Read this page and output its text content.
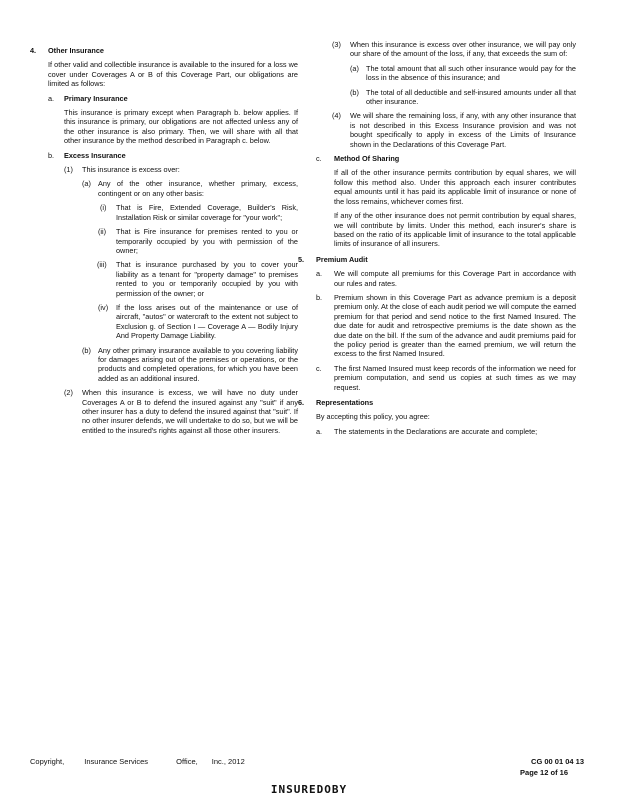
4. Other Insurance
If other valid and collectible insurance is available to the insured for a loss we cover under Coverages A or B of this Coverage Part, our obligations are limited as follows:
a. Primary Insurance
This insurance is primary except when Paragraph b. below applies. If this insurance is primary, our obligations are not affected unless any of the other insurance is also primary. Then, we will share with all that other insurance by the method described in Paragraph c. below.
b. Excess Insurance
(1) This insurance is excess over:
(a) Any of the other insurance, whether primary, excess, contingent or on any other basis:
(i) That is Fire, Extended Coverage, Builder's Risk, Installation Risk or similar coverage for "your work";
(ii) That is Fire insurance for premises rented to you or temporarily occupied by you with permission of the owner;
(iii) That is insurance purchased by you to cover your liability as a tenant for "property damage" to premises rented to you or temporarily occupied by you with permission of the owner; or
(iv) If the loss arises out of the maintenance or use of aircraft, "autos" or watercraft to the extent not subject to Exclusion g. of Section I — Coverage A — Bodily Injury And Property Damage Liability.
(b) Any other primary insurance available to you covering liability for damages arising out of the premises or operations, or the products and completed operations, for which you have been added as an additional insured.
(2) When this insurance is excess, we will have no duty under Coverages A or B to defend the insured against any "suit" if any other insurer has a duty to defend the insured against that "suit". If no other insurer defends, we will undertake to do so, but we will be entitled to the insured's rights against all those other insurers.
(3) When this insurance is excess over other insurance, we will pay only our share of the amount of the loss, if any, that exceeds the sum of:
(a) The total amount that all such other insurance would pay for the loss in the absence of this insurance; and
(b) The total of all deductible and self-insured amounts under all that other insurance.
(4) We will share the remaining loss, if any, with any other insurance that is not described in this Excess Insurance provision and was not bought specifically to apply in excess of the Limits of Insurance shown in the Declarations of this Coverage Part.
c. Method Of Sharing
If all of the other insurance permits contribution by equal shares, we will follow this method also. Under this approach each insurer contributes equal amounts until it has paid its applicable limit of insurance or none of the loss remains, whichever comes first.
If any of the other insurance does not permit contribution by equal shares, we will contribute by limits. Under this method, each insurer's share is based on the ratio of its applicable limit of insurance to the total applicable limits of insurance of all insurers.
5. Premium Audit
a. We will compute all premiums for this Coverage Part in accordance with our rules and rates.
b. Premium shown in this Coverage Part as advance premium is a deposit premium only. At the close of each audit period we will compute the earned premium for that period and send notice to the first Named Insured. The due date for audit and retrospective premiums is the date shown as the due date on the bill. If the sum of the advance and audit premiums paid for the policy period is greater than the earned premium, we will return the excess to the first Named Insured.
c. The first Named Insured must keep records of the information we need for premium computation, and send us copies at such times as we may request.
6. Representations
By accepting this policy, you agree:
a. The statements in the Declarations are accurate and complete;
Copyright,	Insurance Services	Office, Inc., 2012	CG 00 01 04 13
Page 12 of 16
INSUREDOBY
